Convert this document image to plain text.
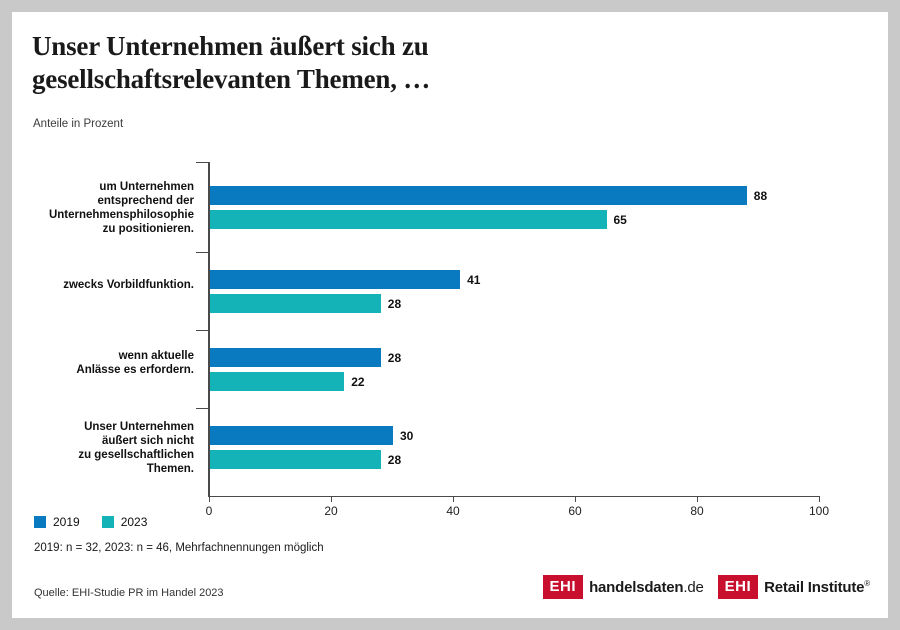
Unser Unternehmen äußert sich zu gesellschaftsrelevanten Themen, …
Anteile in Prozent
0	20	40	60	80	100
um Unternehmen
entsprechend der
Unternehmensphilosophie
zu positionieren.
88
65
zwecks Vorbildfunktion.	41
28
wenn aktuelle
Anlässe es erfordern.
28
22
Unser Unternehmen
äußert sich nicht
zu gesellschaftlichen
Themen.
30
28
2019	2023
2019: n = 32, 2023: n = 46, Mehrfachnennungen möglich
Quelle: EHI-Studie PR im Handel 2023	EHI handelsdaten.de	EHI Retail Institute®
